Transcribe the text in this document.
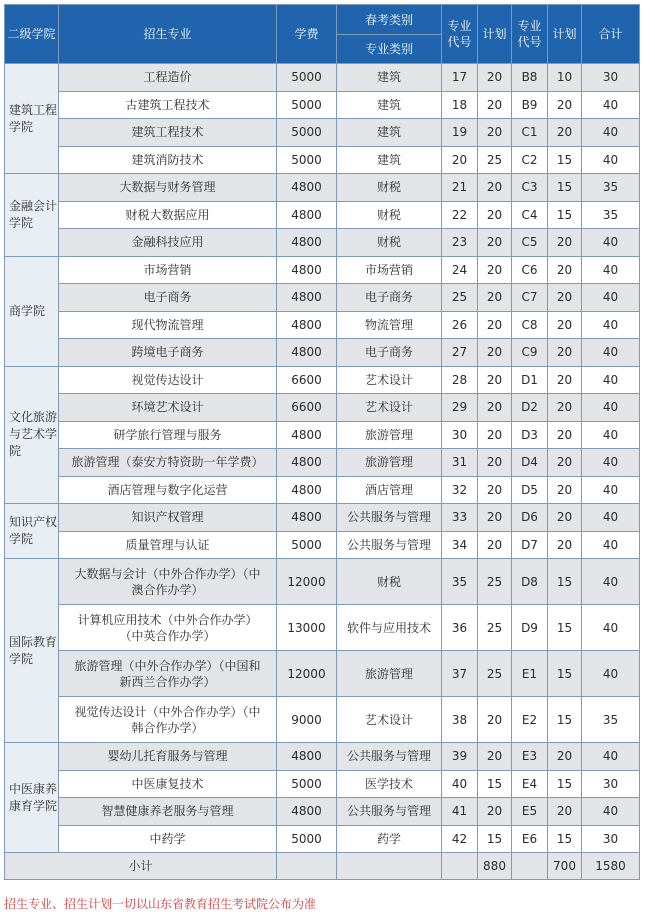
二级学院	招生专业	学费	春考类别	专业代号	计划	专业代号	计划	合计
			专业类别					
建筑工程学院	工程造价	5000	建筑	17	20	B8	10	30
	古建筑工程技术	5000	建筑	18	20	B9	20	40
	建筑工程技术	5000	建筑	19	20	C1	20	40
	建筑消防技术	5000	建筑	20	25	C2	15	40
金融会计学院	大数据与财务管理	4800	财税	21	20	C3	15	35
	财税大数据应用	4800	财税	22	20	C4	15	35
	金融科技应用	4800	财税	23	20	C5	20	40
商学院	市场营销	4800	市场营销	24	20	C6	20	40
	电子商务	4800	电子商务	25	20	C7	20	40
	现代物流管理	4800	物流管理	26	20	C8	20	40
	跨境电子商务	4800	电子商务	27	20	C9	20	40
文化旅游与艺术学院	视觉传达设计	6600	艺术设计	28	20	D1	20	40
	环境艺术设计	6600	艺术设计	29	20	D2	20	40
	研学旅行管理与服务	4800	旅游管理	30	20	D3	20	40
	旅游管理（泰安方特资助一年学费）	4800	旅游管理	31	20	D4	20	40
	酒店管理与数字化运营	4800	酒店管理	32	20	D5	20	40
知识产权学院	知识产权管理	4800	公共服务与管理	33	20	D6	20	40
	质量管理与认证	5000	公共服务与管理	34	20	D7	20	40
国际教育学院	大数据与会计（中外合作办学）（中澳合作办学）	12000	财税	35	25	D8	15	40
	计算机应用技术（中外合作办学）（中英合作办学）	13000	软件与应用技术	36	25	D9	15	40
	旅游管理（中外合作办学）（中国和新西兰合作办学）	12000	旅游管理	37	25	E1	15	40
	视觉传达设计（中外合作办学）（中韩合作办学）	9000	艺术设计	38	20	E2	15	35
中医康养康育学院	婴幼儿托育服务与管理	4800	公共服务与管理	39	20	E3	20	40
	中医康复技术	5000	医学技术	40	15	E4	15	30
	智慧健康养老服务与管理	4800	公共服务与管理	41	20	E5	20	40
	中药学	5000	药学	42	15	E6	15	30
小计					880		700	1580
招生专业、招生计划一切以山东省教育招生考试院公布为准
